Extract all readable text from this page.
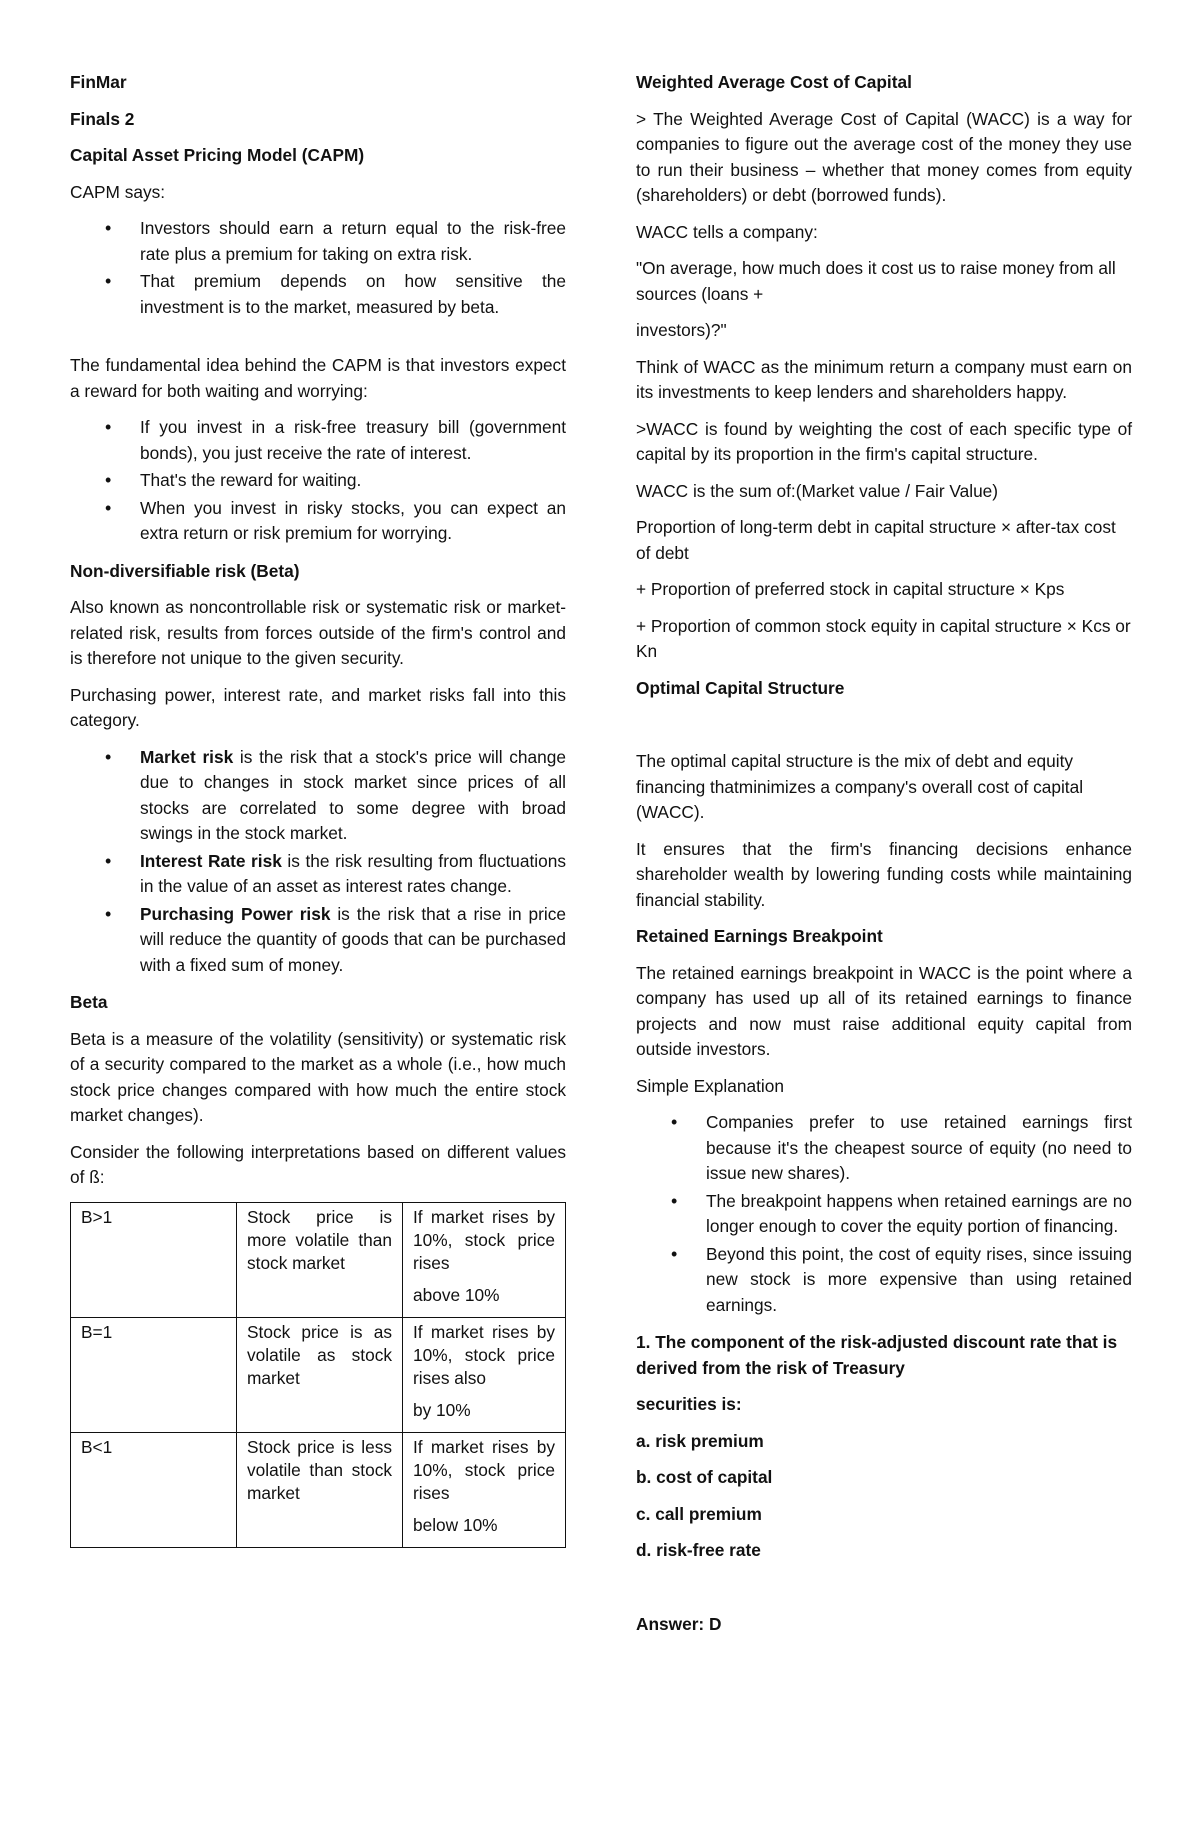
FinMar

Finals 2

Capital Asset Pricing Model (CAPM)

CAPM says:

• Investors should earn a return equal to the risk-free rate plus a premium for taking on extra risk.
• That premium depends on how sensitive the investment is to the market, measured by beta.

The fundamental idea behind the CAPM is that investors expect a reward for both waiting and worrying:

• If you invest in a risk-free treasury bill (government bonds), you just receive the rate of interest.
• That's the reward for waiting.
• When you invest in risky stocks, you can expect an extra return or risk premium for worrying.

Non-diversifiable risk (Beta)

Also known as noncontrollable risk or systematic risk or market-related risk, results from forces outside of the firm's control and is therefore not unique to the given security.

Purchasing power, interest rate, and market risks fall into this category.

• Market risk is the risk that a stock's price will change due to changes in stock market since prices of all stocks are correlated to some degree with broad swings in the stock market.
• Interest Rate risk is the risk resulting from fluctuations in the value of an asset as interest rates change.
• Purchasing Power risk is the risk that a rise in price will reduce the quantity of goods that can be purchased with a fixed sum of money.

Beta

Beta is a measure of the volatility (sensitivity) or systematic risk of a security compared to the market as a whole (i.e., how much stock price changes compared with how much the entire stock market changes).

Consider the following interpretations based on different values of ß:

B>1	Stock price is more volatile than stock market	If market rises by 10%, stock price rises
above 10%

B=1	Stock price is as volatile as stock market	If market rises by 10%, stock price rises also
by 10%

B<1	Stock price is less volatile than stock market	If market rises by 10%, stock price rises
below 10%

Weighted Average Cost of Capital

> The Weighted Average Cost of Capital (WACC) is a way for companies to figure out the average cost of the money they use to run their business – whether that money comes from equity (shareholders) or debt (borrowed funds).

WACC tells a company:

"On average, how much does it cost us to raise money from all sources (loans +

investors)?"

Think of WACC as the minimum return a company must earn on its investments to keep lenders and shareholders happy.

>WACC is found by weighting the cost of each specific type of capital by its proportion in the firm's capital structure.

WACC is the sum of:(Market value / Fair Value)

Proportion of long-term debt in capital structure × after-tax cost of debt

+ Proportion of preferred stock in capital structure × Kps

+ Proportion of common stock equity in capital structure × Kcs or Kn

Optimal Capital Structure

The optimal capital structure is the mix of debt and equity financing thatminimizes a company's overall cost of capital (WACC).

It ensures that the firm's financing decisions enhance shareholder wealth by lowering funding costs while maintaining financial stability.

Retained Earnings Breakpoint

The retained earnings breakpoint in WACC is the point where a company has used up all of its retained earnings to finance projects and now must raise additional equity capital from outside investors.

Simple Explanation

• Companies prefer to use retained earnings first because it's the cheapest source of equity (no need to issue new shares).
• The breakpoint happens when retained earnings are no longer enough to cover the equity portion of financing.
• Beyond this point, the cost of equity rises, since issuing new stock is more expensive than using retained earnings.

1. The component of the risk-adjusted discount rate that is derived from the risk of Treasury

securities is:

a. risk premium

b. cost of capital

c. call premium

d. risk-free rate

Answer: D
